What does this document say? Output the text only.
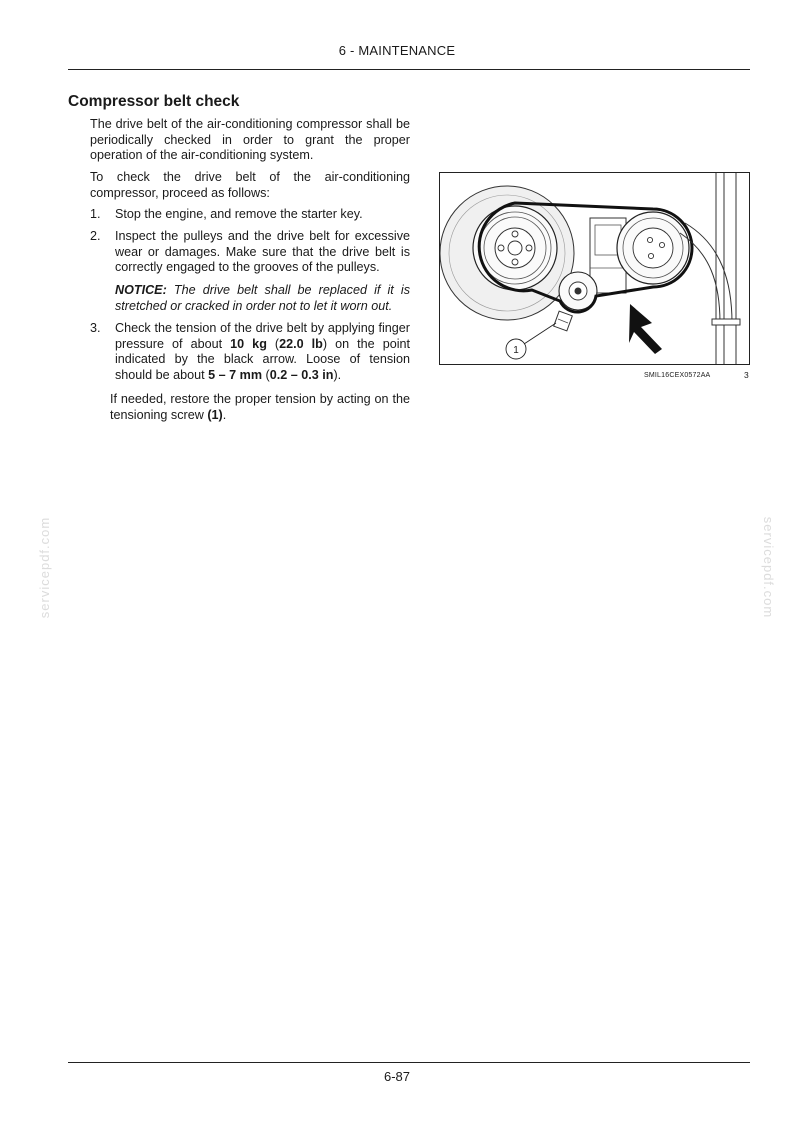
6 - MAINTENANCE
Compressor belt check

The drive belt of the air-conditioning compressor shall be periodically checked in order to grant the proper operation of the air-conditioning system.

To check the drive belt of the air-conditioning compressor, proceed as follows:

1.	Stop the engine, and remove the starter key.
2.	Inspect the pulleys and the drive belt for excessive wear or damages. Make sure that the drive belt is correctly engaged to the grooves of the pulleys.
NOTICE: The drive belt shall be replaced if it is stretched or cracked in order not to let it worn out.
3.	Check the tension of the drive belt by applying finger pressure of about 10 kg (22.0 lb) on the point indicated by the black arrow. Loose of tension should be about 5 – 7 mm (0.2 – 0.3 in).

If needed, restore the proper tension by acting on the tensioning screw (1).

1
SMIL16CEX0572AA	3
servicepdf.com	servicepdf.com
6-87
